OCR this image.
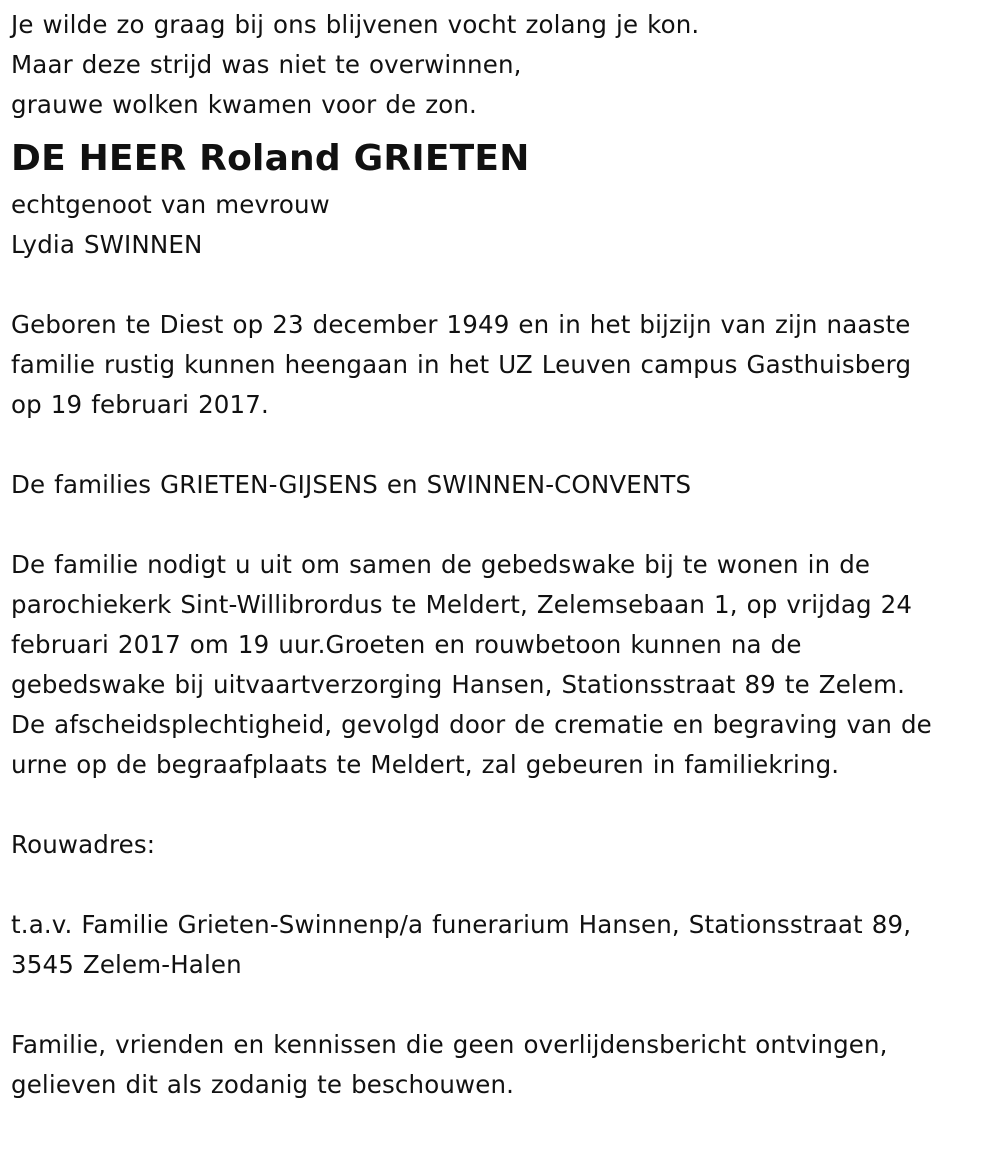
Je wilde zo graag bij ons blijvenen vocht zolang je kon.
Maar deze strijd was niet te overwinnen,
grauwe wolken kwamen voor de zon.
DE HEER Roland GRIETEN
echtgenoot van mevrouw
Lydia SWINNEN
Geboren te Diest op 23 december 1949 en in het bijzijn van zijn naaste
familie rustig kunnen heengaan in het UZ Leuven campus Gasthuisberg
op 19 februari 2017.
De families GRIETEN-GIJSENS en SWINNEN-CONVENTS
De familie nodigt u uit om samen de gebedswake bij te wonen in de
parochiekerk Sint-Willibrordus te Meldert, Zelemsebaan 1, op vrijdag 24
februari 2017 om 19 uur.Groeten en rouwbetoon kunnen na de
gebedswake bij uitvaartverzorging Hansen, Stationsstraat 89 te Zelem.
De afscheidsplechtigheid, gevolgd door de crematie en begraving van de
urne op de begraafplaats te Meldert, zal gebeuren in familiekring.
Rouwadres:
t.a.v. Familie Grieten-Swinnenp/a funerarium Hansen, Stationsstraat 89,
3545 Zelem-Halen
Familie, vrienden en kennissen die geen overlijdensbericht ontvingen,
gelieven dit als zodanig te beschouwen.
